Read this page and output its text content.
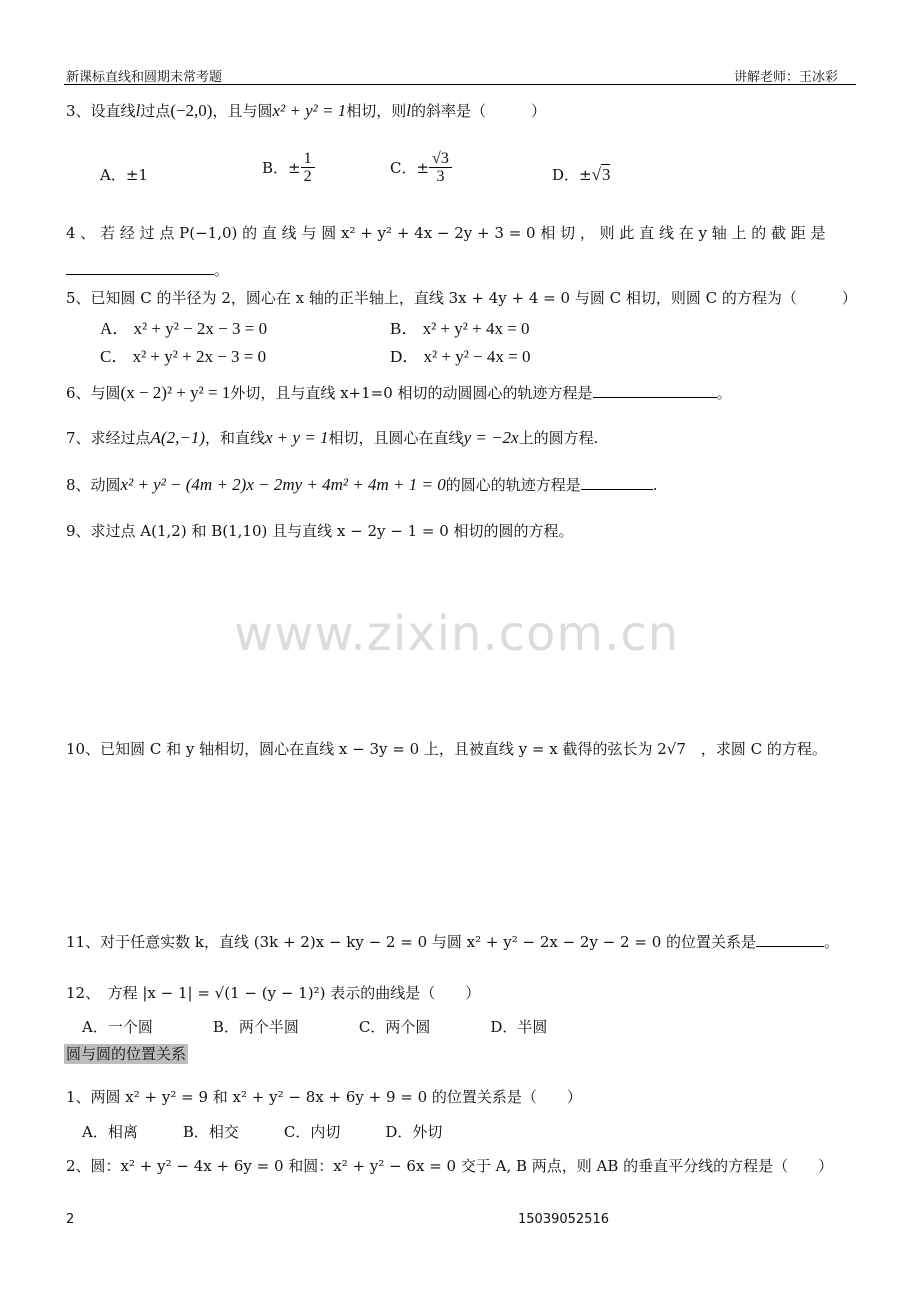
新课标直线和圆期末常考题	讲解老师：王冰彩
3、设直线l过点(−2,0)，且与圆x² + y² = 1相切，则l的斜率是（　　　）
A．±1	B．± $\frac{1}{2}$	C．± $\frac{√3}{3}$	D．±√3
4 、 若 经 过 点 P(−1,0) 的 直 线 与 圆 x² + y² + 4x − 2y + 3 = 0 相 切 ， 则 此 直 线 在 y 轴 上 的 截 距 是
。
5、已知圆 C 的半径为 2，圆心在 x 轴的正半轴上，直线 3x + 4y + 4 = 0 与圆 C 相切，则圆 C 的方程为（　　　）
A． x² + y² − 2x − 3 = 0	B． x² + y² + 4x = 0
C． x² + y² + 2x − 3 = 0	D． x² + y² − 4x = 0
6、与圆(x − 2)² + y² = 1外切，且与直线 x+1=0 相切的动圆圆心的轨迹方程是	。
7、求经过点A(2,−1)，和直线x + y = 1相切，且圆心在直线y = −2x上的圆方程.
8、动圆x² + y² − (4m + 2)x − 2my + 4m² + 4m + 1 = 0的圆心的轨迹方程是	.
9、求过点 A(1,2) 和 B(1,10) 且与直线 x − 2y − 1 = 0 相切的圆的方程。
www.zixin.com.cn
10、已知圆 C 和 y 轴相切，圆心在直线 x − 3y = 0 上，且被直线 y = x 截得的弦长为 2√7　，求圆 C 的方程。
11、对于任意实数 k，直线 (3k + 2)x − ky − 2 = 0 与圆 x² + y² − 2x − 2y − 2 = 0 的位置关系是	。
12、　方程 |x − 1| = √(1 − (y − 1)²) 表示的曲线是（　　）
A．一个圆　　　　B．两个半圆　　　　C．两个圆　　　　D．半圆
圆与圆的位置关系
1、两圆 x² + y² = 9 和 x² + y² − 8x + 6y + 9 = 0 的位置关系是（　　）
A．相离　　　B．相交　　　C．内切　　　D．外切
2、圆：x² + y² − 4x + 6y = 0 和圆：x² + y² − 6x = 0 交于 A, B 两点，则 AB 的垂直平分线的方程是（　　）
2	15039052516
